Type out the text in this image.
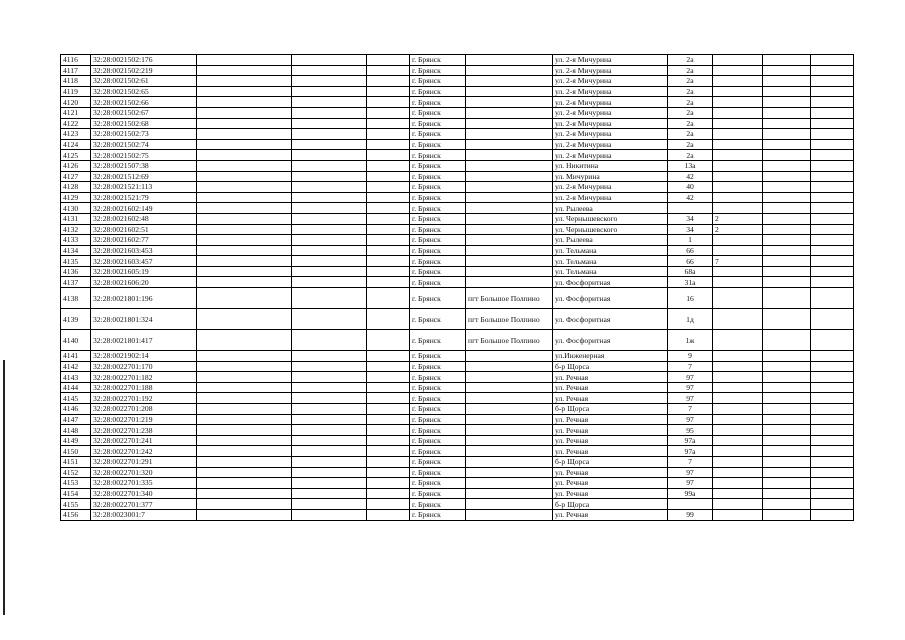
4116	32:28:0021502:176				г. Брянск		ул. 2-я Мичурина	2а			
4117	32:28:0021502:219				г. Брянск		ул. 2-я Мичурина	2а			
4118	32:28:0021502:61				г. Брянск		ул. 2-я Мичурина	2а			
4119	32:28:0021502:65				г. Брянск		ул. 2-я Мичурина	2а			
4120	32:28:0021502:66				г. Брянск		ул. 2-я Мичурина	2а			
4121	32:28:0021502:67				г. Брянск		ул. 2-я Мичурина	2а			
4122	32:28:0021502:68				г. Брянск		ул. 2-я Мичурина	2а			
4123	32:28:0021502:73				г. Брянск		ул. 2-я Мичурина	2а			
4124	32:28:0021502:74				г. Брянск		ул. 2-я Мичурина	2а			
4125	32:28:0021502:75				г. Брянск		ул. 2-я Мичурина	2а			
4126	32:28:0021507:38				г. Брянск		ул. Никитина	13а			
4127	32:28:0021512:69				г. Брянск		ул. Мичурина	42			
4128	32:28:0021521:113				г. Брянск		ул. 2-я Мичурина	40			
4129	32:28:0021521:79				г. Брянск		ул. 2-я Мичурина	42			
4130	32:28:0021602:149				г. Брянск		ул. Рылеева				
4131	32:28:0021602:48				г. Брянск		ул. Чернышевского	34	2		
4132	32:28:0021602:51				г. Брянск		ул. Чернышевского	34	2		
4133	32:28:0021602:77				г. Брянск		ул. Рылеева	1			
4134	32:28:0021603:453				г. Брянск		ул. Тельмана	66			
4135	32:28:0021603:457				г. Брянск		ул. Тельмана	66	7		
4136	32:28:0021605:19				г. Брянск		ул. Тельмана	68а			
4137	32:28:0021606:20				г. Брянск		ул. Фосфоритная	31а			
4138	32:28:0021801:196				г. Брянск	пгт Большое Полпино	ул. Фосфоритная	16			
4139	32:28:0021801:324				г. Брянск	пгт Большое Полпино	ул. Фосфоритная	1д			
4140	32:28:0021801:417				г. Брянск	пгт Большое Полпино	ул. Фосфоритная	1ж			
4141	32:28:0021902:14				г. Брянск		ул.Инженерная	9			
4142	32:28:0022701:170				г. Брянск		б-р Щорса	7			
4143	32:28:0022701:182				г. Брянск		ул. Речная	97			
4144	32:28:0022701:188				г. Брянск		ул. Речная	97			
4145	32:28:0022701:192				г. Брянск		ул. Речная	97			
4146	32:28:0022701:208				г. Брянск		б-р Щорса	7			
4147	32:28:0022701:219				г. Брянск		ул. Речная	97			
4148	32:28:0022701:238				г. Брянск		ул. Речная	95			
4149	32:28:0022701:241				г. Брянск		ул. Речная	97а			
4150	32:28:0022701:242				г. Брянск		ул. Речная	97а			
4151	32:28:0022701:291				г. Брянск		б-р Щорса	7			
4152	32:28:0022701:320				г. Брянск		ул. Речная	97			
4153	32:28:0022701:335				г. Брянск		ул. Речная	97			
4154	32:28:0022701:340				г. Брянск		ул. Речная	99а			
4155	32:28:0022701:377				г. Брянск		б-р Щорса				
4156	32:28:0023001:7				г. Брянск		ул. Речная	99			
